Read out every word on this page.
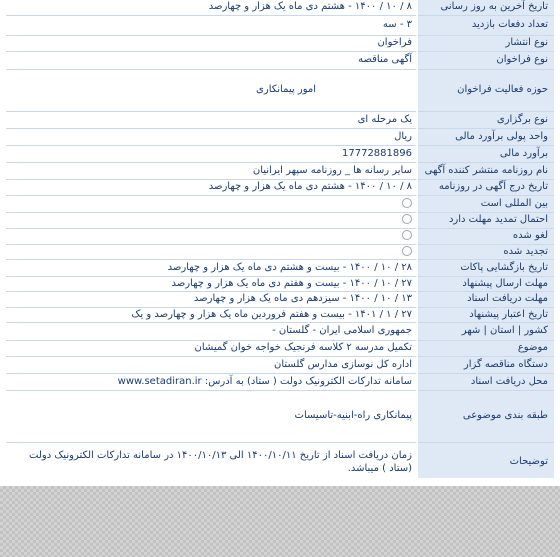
تاریخ آخرین به روز رسانی	۸ / ۱۰ / ۱۴۰۰ - هشتم دی ماه یک هزار و چهارصد
تعداد دفعات بازدید	۳ - سه
نوع انتشار	فراخوان
نوع فراخوان	آگهی مناقصه
حوزه فعالیت فراخوان	امور پیمانکاری
نوع برگزاری	یک مرحله ای
واحد پولی برآورد مالی	ریال
برآورد مالی	17772881896
نام روزنامه منتشر کننده آگهی	سایر رسانه ها _ روزنامه سپهر ایرانیان
تاریخ درج آگهی در روزنامه	۸ / ۱۰ / ۱۴۰۰ - هشتم دی ماه یک هزار و چهارصد
بین المللی است	
احتمال تمدید مهلت دارد	
لغو شده	
تجدید شده	
تاریخ بازگشایی پاکات	۲۸ / ۱۰ / ۱۴۰۰ - بیست و هشتم دی ماه یک هزار و چهارصد
مهلت ارسال پیشنهاد	۲۷ / ۱۰ / ۱۴۰۰ - بیست و هفتم دی ماه یک هزار و چهارصد
مهلت دریافت اسناد	۱۳ / ۱۰ / ۱۴۰۰ - سیزدهم دی ماه یک هزار و چهارصد
تاریخ اعتبار پیشنهاد	۲۷ / ۱ / ۱۴۰۱ - بیست و هفتم فروردین ماه یک هزار و چهارصد و یک
کشور | استان | شهر	جمهوری اسلامی ایران - گلستان -
موضوع	تکمیل مدرسه ۲ کلاسه فرنجیک خواجه خوان گمیشان
دستگاه مناقصه گزار	اداره کل نوسازی مدارس گلستان
محل دریافت اسناد	سامانه تدارکات الکترونیک دولت ( ستاد) به آدرس: www.setadiran.ir
طبقه بندی موضوعی	پیمانکاری راه-ابنیه-تاسیسات
توضیحات	زمان دریافت اسناد از تاریخ ۱۴۰۰/۱۰/۱۱ الی ۱۴۰۰/۱۰/۱۳ در سامانه تدارکات الکترونیک دولت (ستاد ) میباشد.
